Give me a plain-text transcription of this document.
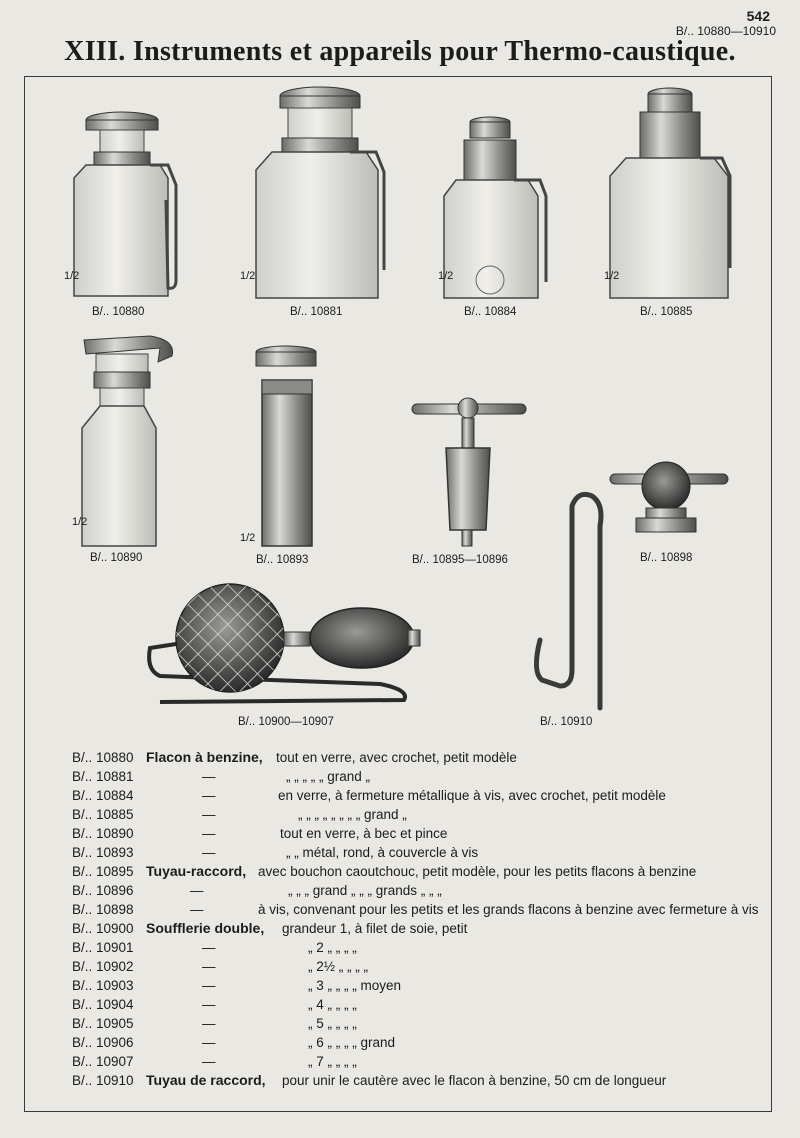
542
B/.. 10880—10910
XIII. Instruments et appareils pour Thermo-caustique.
B/.. 10880	B/.. 10881	B/.. 10884	B/.. 10885
B/.. 10890	B/.. 10893	B/.. 10895—10896	B/.. 10898
B/.. 10900—10907	B/.. 10910
1/2	1/2	1/2	1/2
1/2
1/2
B/.. 10880 Flacon à benzine, tout en verre, avec crochet, petit modèle
B/.. 10881	—	„ „ „ „ „ grand „
B/.. 10884	—	en verre, à fermeture métallique à vis, avec crochet, petit modèle
B/.. 10885	—	„ „ „ „ „ „ „ „ grand „
B/.. 10890	—	tout en verre, à bec et pince
B/.. 10893	—	„ „ métal, rond, à couvercle à vis
B/.. 10895 Tuyau-raccord, avec bouchon caoutchouc, petit modèle, pour les petits flacons à benzine
B/.. 10896	—	„ „ „ grand „ „ „ grands „ „ „
B/.. 10898	—	à vis, convenant pour les petits et les grands flacons à benzine avec fermeture à vis
B/.. 10900 Soufflerie double, grandeur 1, à filet de soie, petit
B/.. 10901	—	„ 2 „ „ „ „
B/.. 10902	—	„ 2½ „ „ „ „
B/.. 10903	—	„ 3 „ „ „ „ moyen
B/.. 10904	—	„ 4 „ „ „ „
B/.. 10905	—	„ 5 „ „ „ „
B/.. 10906	—	„ 6 „ „ „ „ grand
B/.. 10907	—	„ 7 „ „ „ „
B/.. 10910 Tuyau de raccord, pour unir le cautère avec le flacon à benzine, 50 cm de longueur
